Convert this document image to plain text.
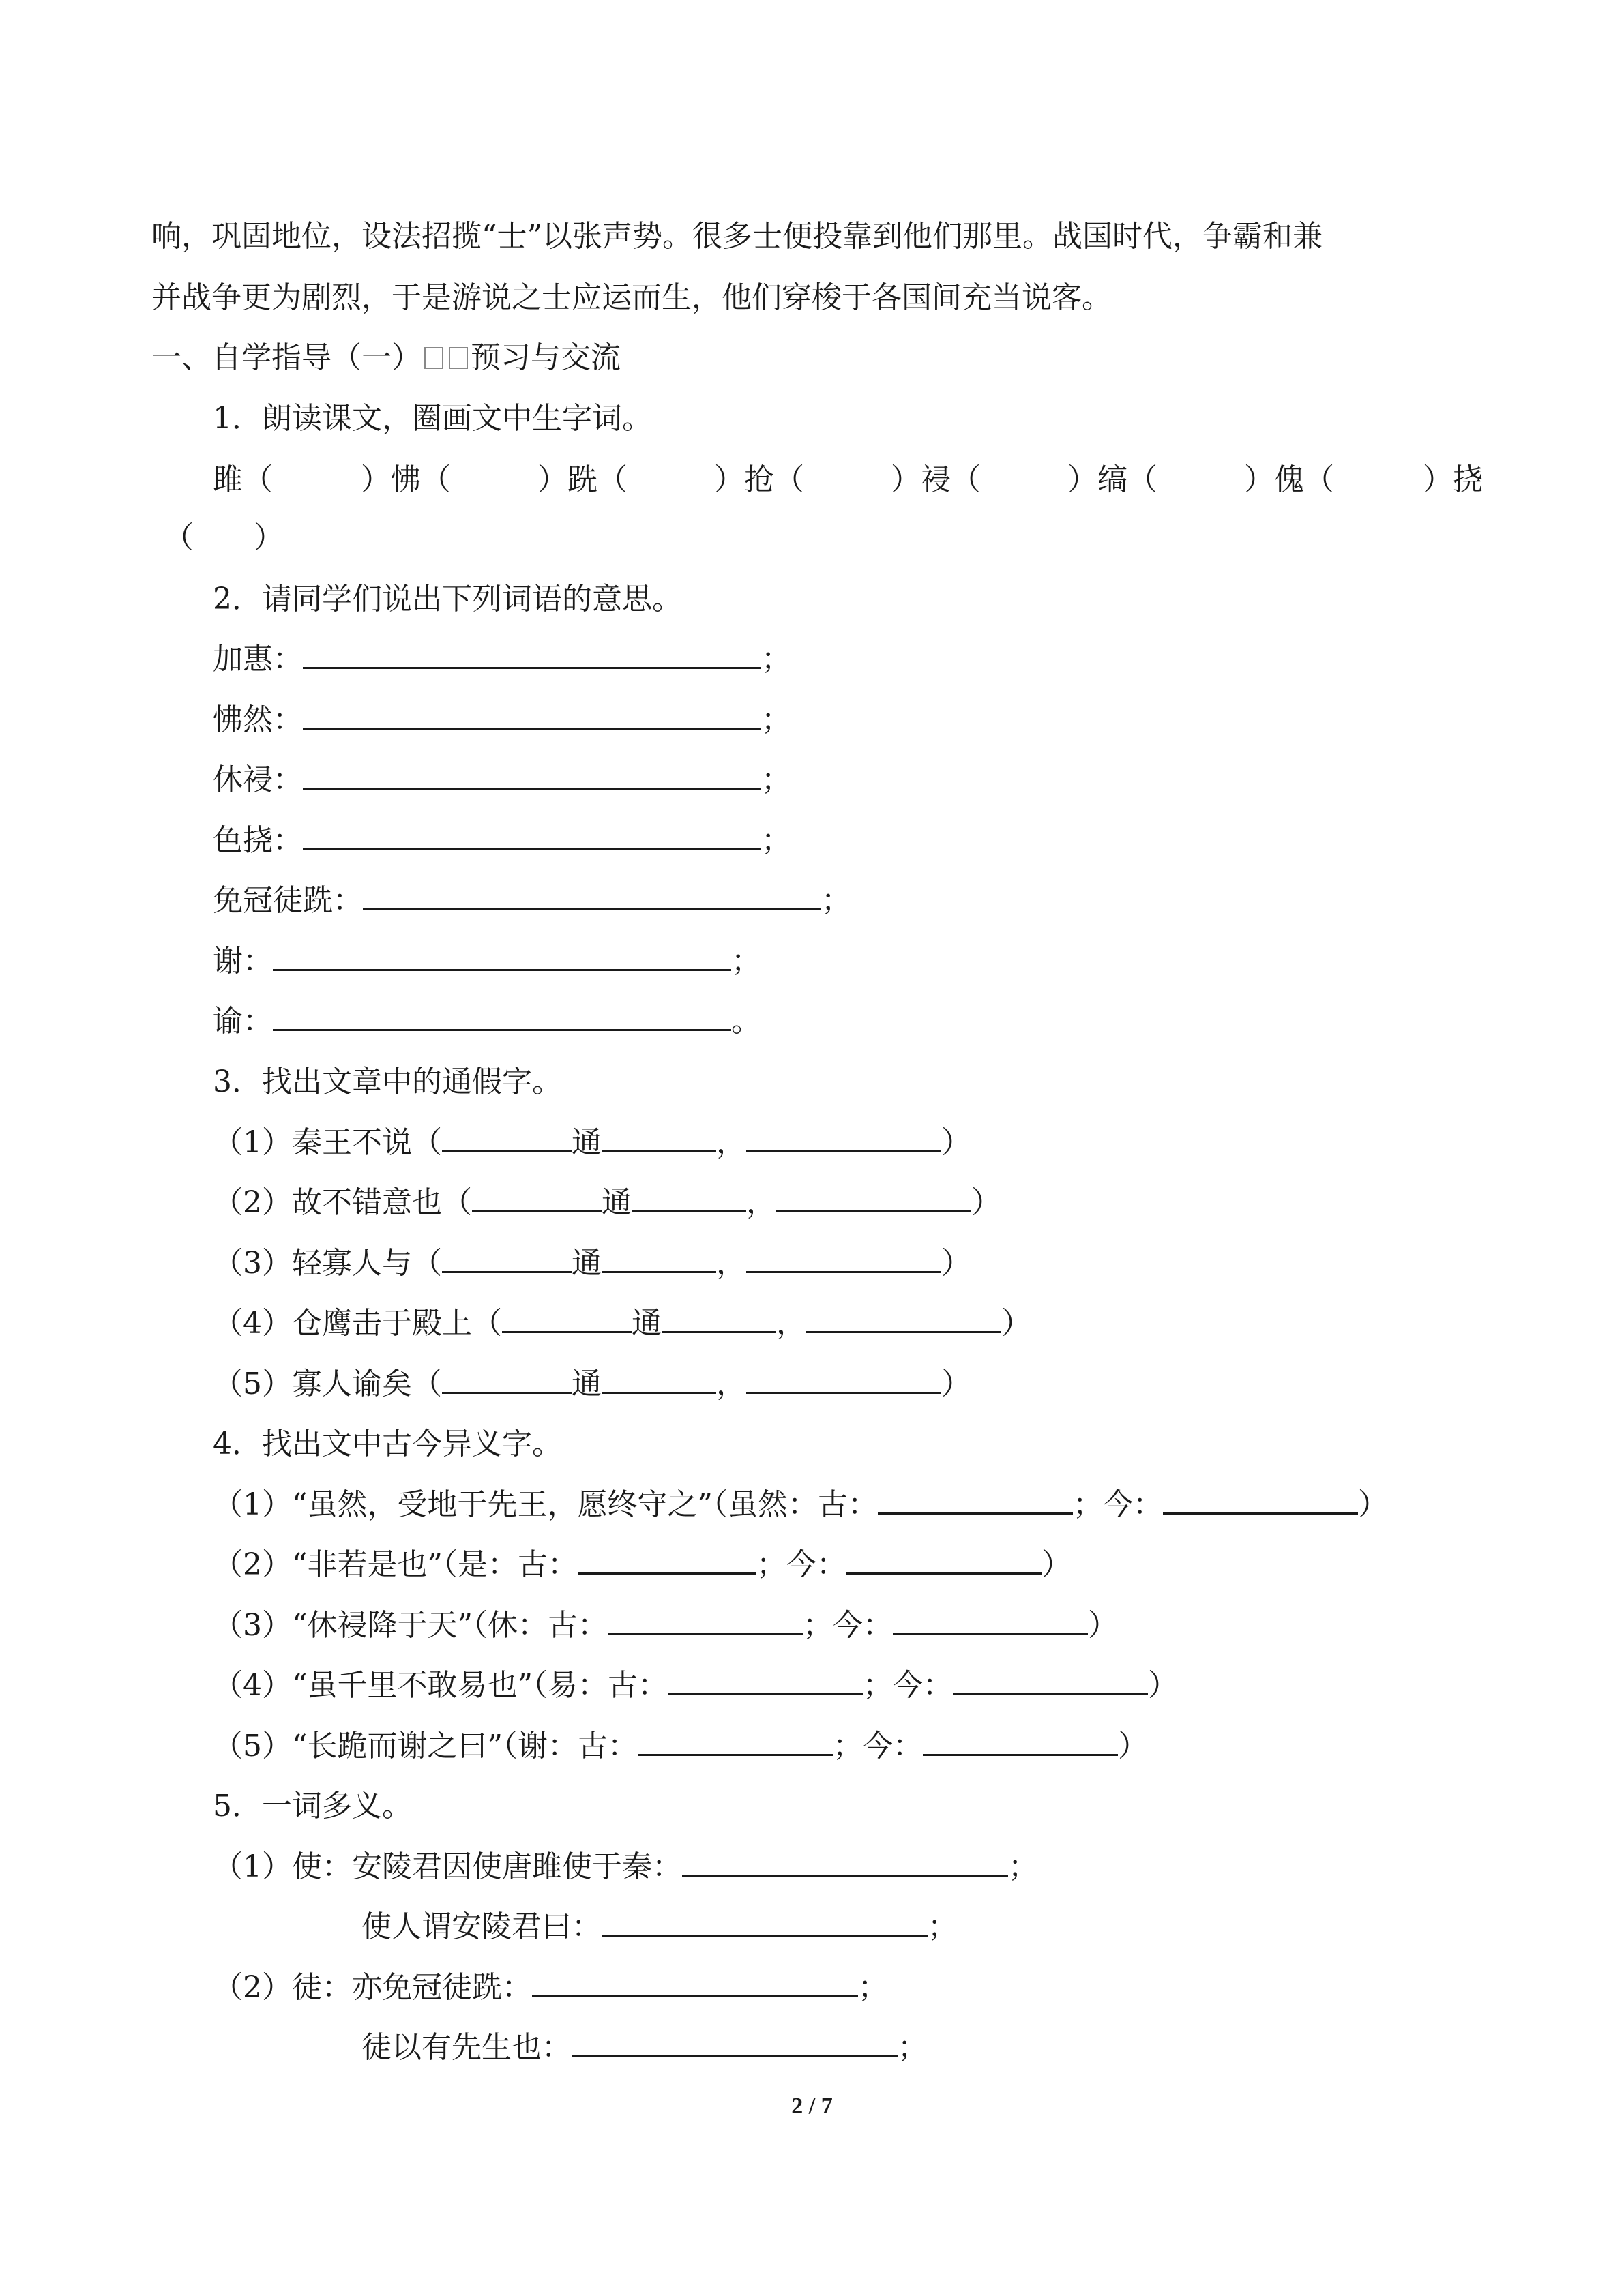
响，巩固地位，设法招揽“士”以张声势。很多士便投靠到他们那里。战国时代，争霸和兼
并战争更为剧烈，于是游说之士应运而生，他们穿梭于各国间充当说客。
一、自学指导（一） 预习与交流
1．朗读课文，圈画文中生字词。
雎（	）怫（	）跣（	）抢（	）祲（	）缟（	）傀（	）挠
（　　）
2．请同学们说出下列词语的意思。
加惠：	；
怫然：	；
休祲：	；
色挠：	；
免冠徒跣：	；
谢：	；
谕：	。
3．找出文章中的通假字。
（1）秦王不说（	通	，	）
（2）故不错意也（	通	，	）
（3）轻寡人与（	通	，	）
（4）仓鹰击于殿上（	通	，	）
（5）寡人谕矣（	通	，	）
4．找出文中古今异义字。
（1）“虽然，受地于先王，愿终守之”（虽然：古：	；今：	）
（2）“非若是也”（是：古：	；今：	）
（3）“休祲降于天”（休：古：	；今：	）
（4）“虽千里不敢易也”（易：古：	；今：	）
（5）“长跪而谢之曰”（谢：古：	；今：	）
5．一词多义。
（1）使：安陵君因使唐雎使于秦：	；
使人谓安陵君曰：	；
（2）徒：亦免冠徒跣：	；
徒以有先生也：	；
2 / 7
